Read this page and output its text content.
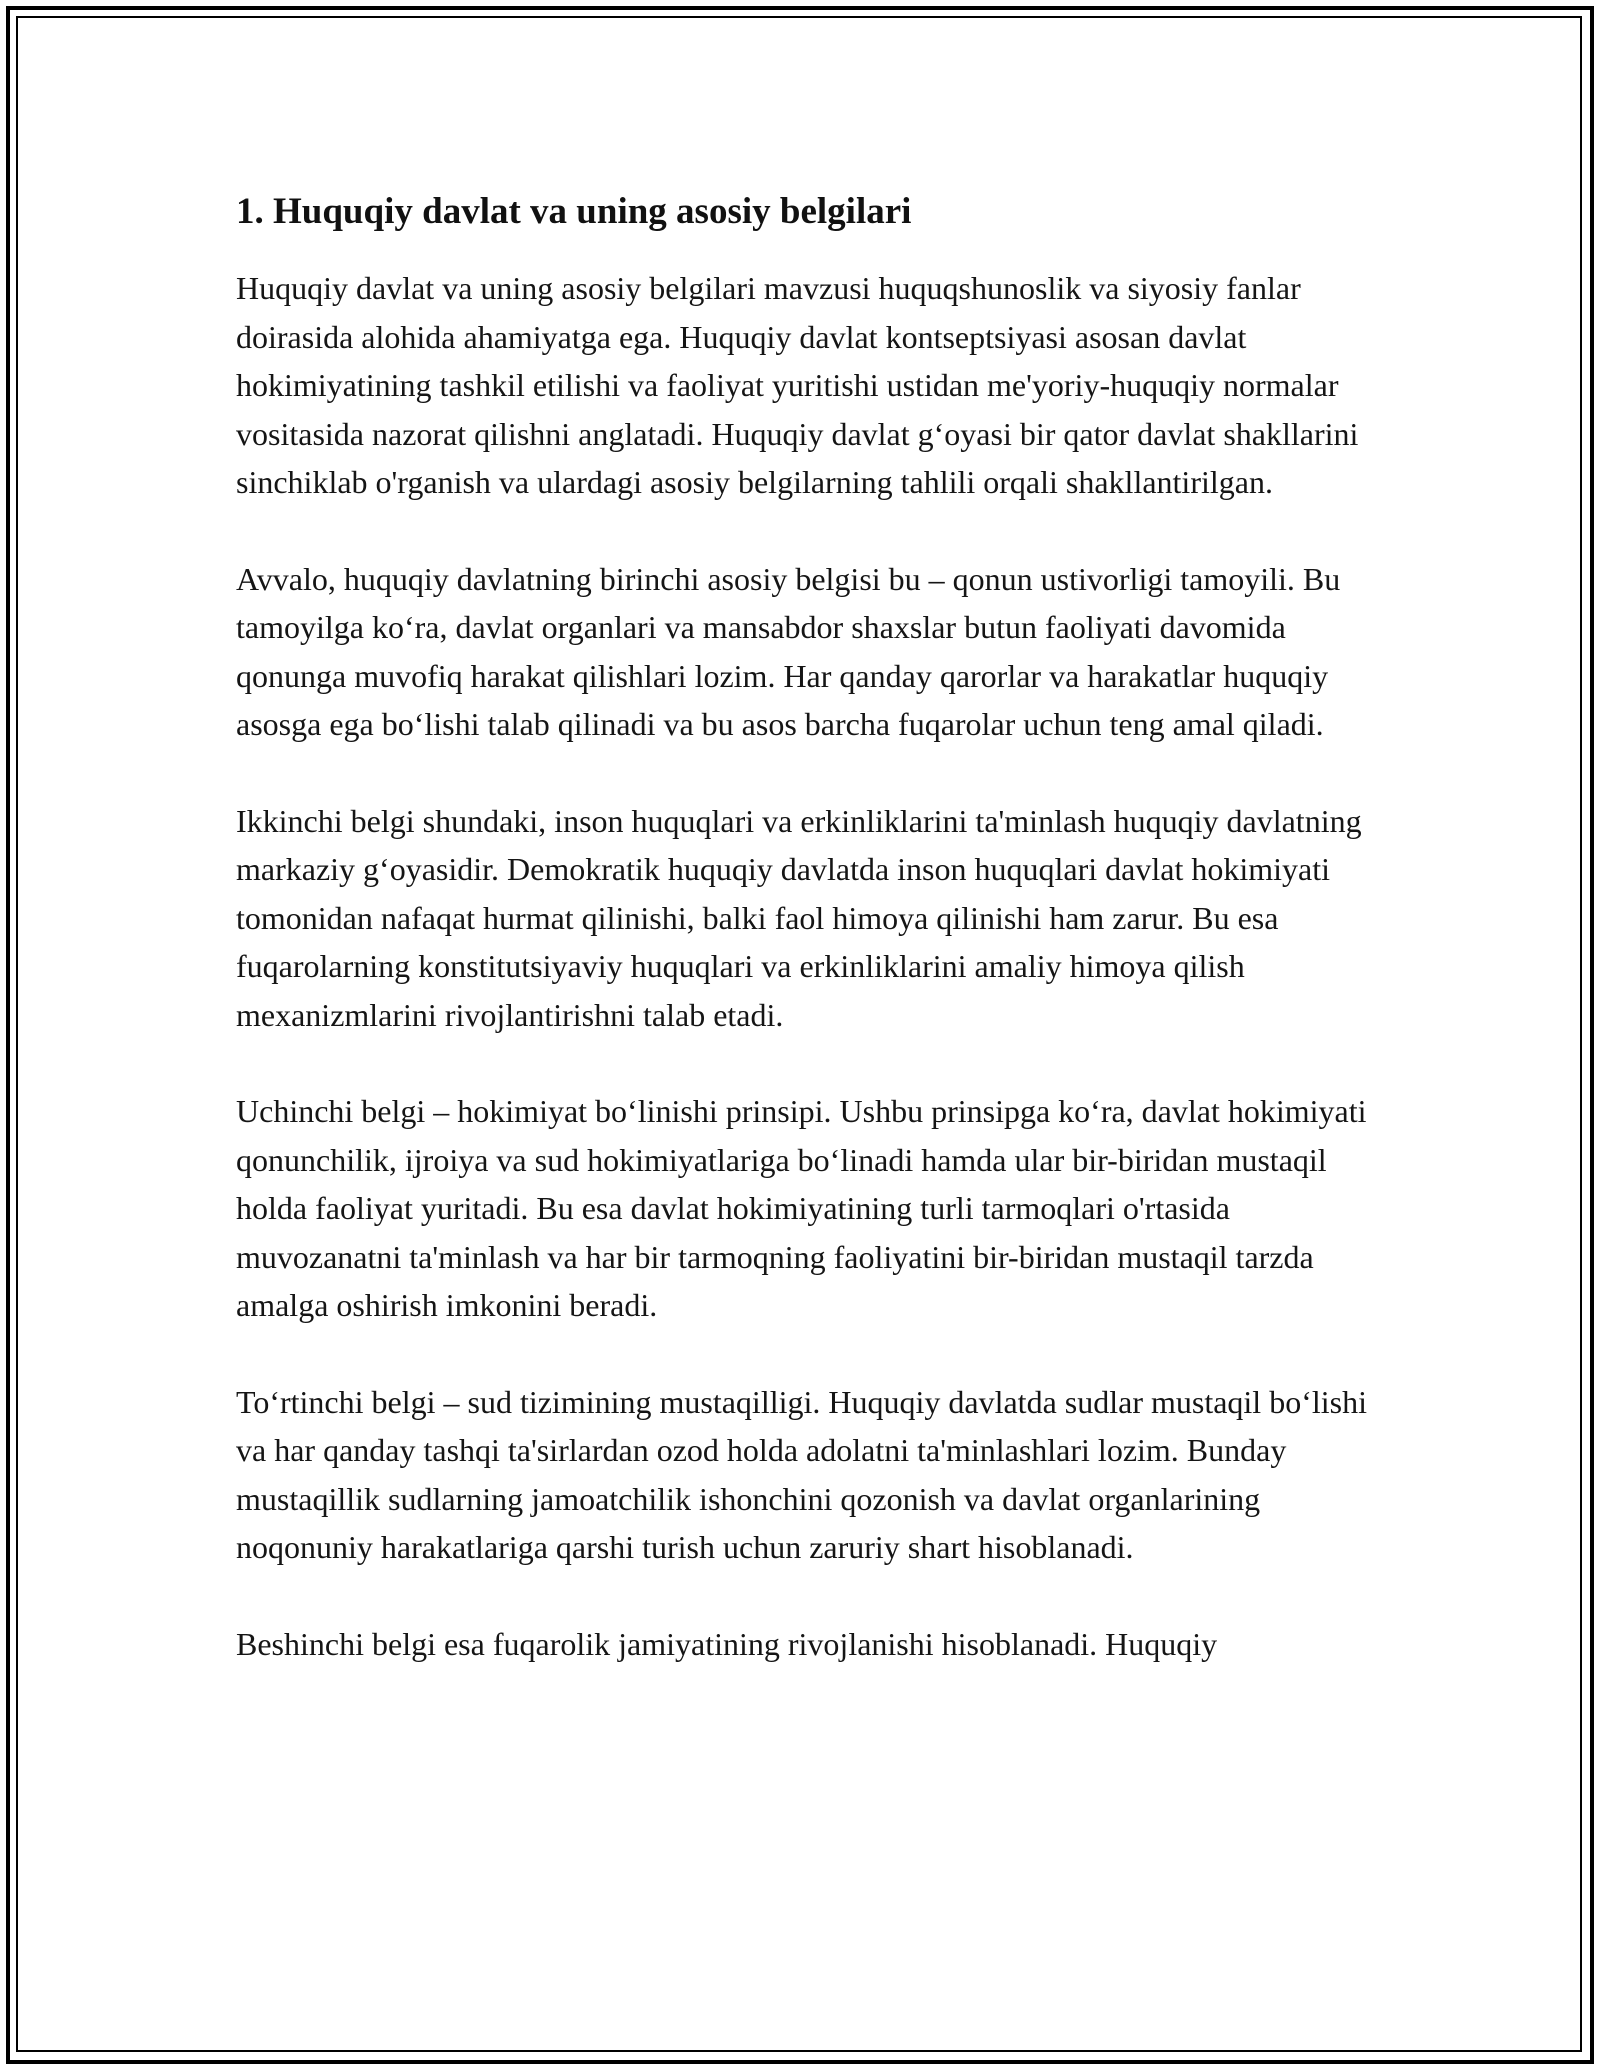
1. Huquqiy davlat va uning asosiy belgilari

Huquqiy davlat va uning asosiy belgilari mavzusi huquqshunoslik va siyosiy fanlar doirasida alohida ahamiyatga ega. Huquqiy davlat kontseptsiyasi asosan davlat hokimiyatining tashkil etilishi va faoliyat yuritishi ustidan me'yoriy-huquqiy normalar vositasida nazorat qilishni anglatadi. Huquqiy davlat g‘oyasi bir qator davlat shakllarini sinchiklab o'rganish va ulardagi asosiy belgilarning tahlili orqali shakllantirilgan.

Avvalo, huquqiy davlatning birinchi asosiy belgisi bu – qonun ustivorligi tamoyili. Bu tamoyilga ko‘ra, davlat organlari va mansabdor shaxslar butun faoliyati davomida qonunga muvofiq harakat qilishlari lozim. Har qanday qarorlar va harakatlar huquqiy asosga ega bo‘lishi talab qilinadi va bu asos barcha fuqarolar uchun teng amal qiladi.

Ikkinchi belgi shundaki, inson huquqlari va erkinliklarini ta'minlash huquqiy davlatning markaziy g‘oyasidir. Demokratik huquqiy davlatda inson huquqlari davlat hokimiyati tomonidan nafaqat hurmat qilinishi, balki faol himoya qilinishi ham zarur. Bu esa fuqarolarning konstitutsiyaviy huquqlari va erkinliklarini amaliy himoya qilish mexanizmlarini rivojlantirishni talab etadi.

Uchinchi belgi – hokimiyat bo‘linishi prinsipi. Ushbu prinsipga ko‘ra, davlat hokimiyati qonunchilik, ijroiya va sud hokimiyatlariga bo‘linadi hamda ular bir-biridan mustaqil holda faoliyat yuritadi. Bu esa davlat hokimiyatining turli tarmoqlari o'rtasida muvozanatni ta'minlash va har bir tarmoqning faoliyatini bir-biridan mustaqil tarzda amalga oshirish imkonini beradi.

To‘rtinchi belgi – sud tizimining mustaqilligi. Huquqiy davlatda sudlar mustaqil bo‘lishi va har qanday tashqi ta'sirlardan ozod holda adolatni ta'minlashlari lozim. Bunday mustaqillik sudlarning jamoatchilik ishonchini qozonish va davlat organlarining noqonuniy harakatlariga qarshi turish uchun zaruriy shart hisoblanadi.

Beshinchi belgi esa fuqarolik jamiyatining rivojlanishi hisoblanadi. Huquqiy
